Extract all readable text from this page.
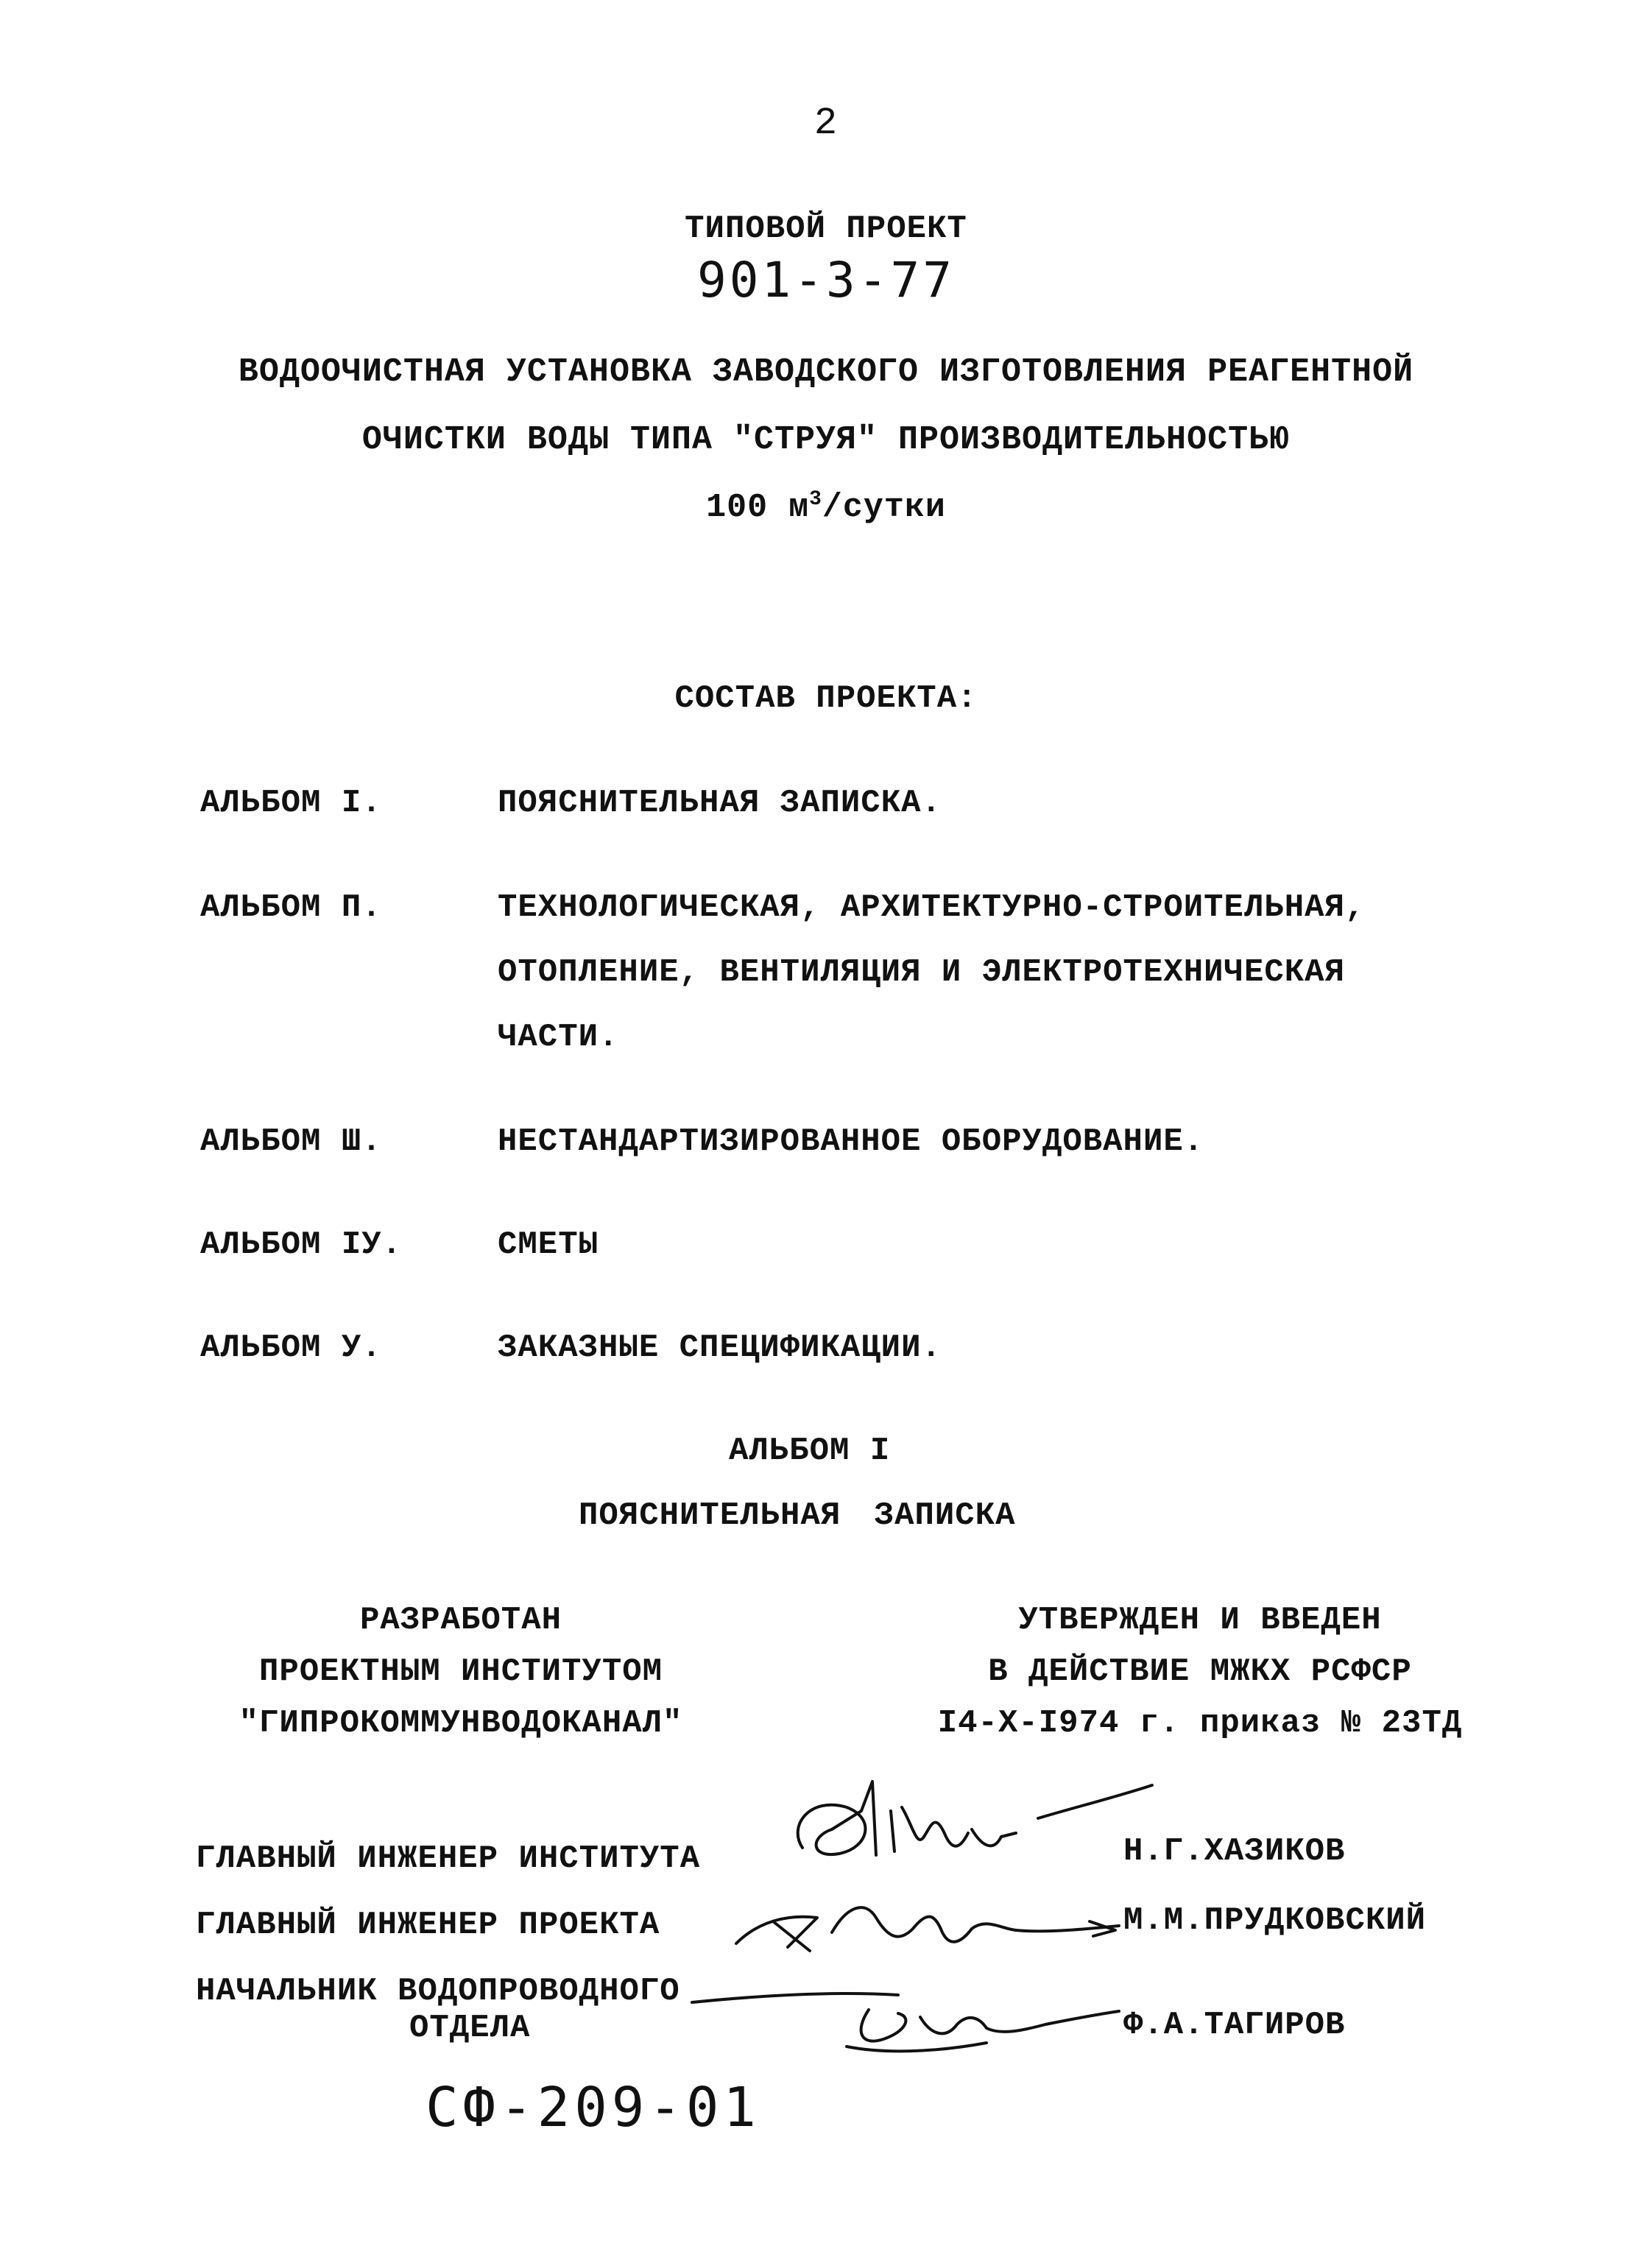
2
ТИПОВОЙ ПРОЕКТ
901-3-77
ВОДООЧИСТНАЯ УСТАНОВКА ЗАВОДСКОГО ИЗГОТОВЛЕНИЯ РЕАГЕНТНОЙ
ОЧИСТКИ ВОДЫ ТИПА "СТРУЯ" ПРОИЗВОДИТЕЛЬНОСТЬЮ
100 $м^3$/сутки
СОСТАВ ПРОЕКТА:
АЛЬБОМ I.	ПОЯСНИТЕЛЬНАЯ ЗАПИСКА.
АЛЬБОМ П.	ТЕХНОЛОГИЧЕСКАЯ, АРХИТЕКТУРНО-СТРОИТЕЛЬНАЯ,
ОТОПЛЕНИЕ, ВЕНТИЛЯЦИЯ И ЭЛЕКТРОТЕХНИЧЕСКАЯ
ЧАСТИ.
АЛЬБОМ Ш.	НЕСТАНДАРТИЗИРОВАННОЕ ОБОРУДОВАНИЕ.
АЛЬБОМ IУ.	СМЕТЫ
АЛЬБОМ У.	ЗАКАЗНЫЕ СПЕЦИФИКАЦИИ.
АЛЬБОМ I
ПОЯСНИТЕЛЬНАЯ ЗАПИСКА
РАЗРАБОТАН
ПРОЕКТНЫМ ИНСТИТУТОМ
"ГИПРОКОММУНВОДОКАНАЛ"
УТВЕРЖДЕН И ВВЕДЕН
В ДЕЙСТВИЕ МЖКХ РСФСР
I4-X-I974 г. приказ № 23ТД
ГЛАВНЫЙ ИНЖЕНЕР ИНСТИТУТА	Н.Г.ХАЗИКОВ
ГЛАВНЫЙ ИНЖЕНЕР ПРОЕКТА	М.М.ПРУДКОВСКИЙ
НАЧАЛЬНИК ВОДОПРОВОДНОГО
ОТДЕЛА	Ф.А.ТАГИРОВ
СФ-209-01
